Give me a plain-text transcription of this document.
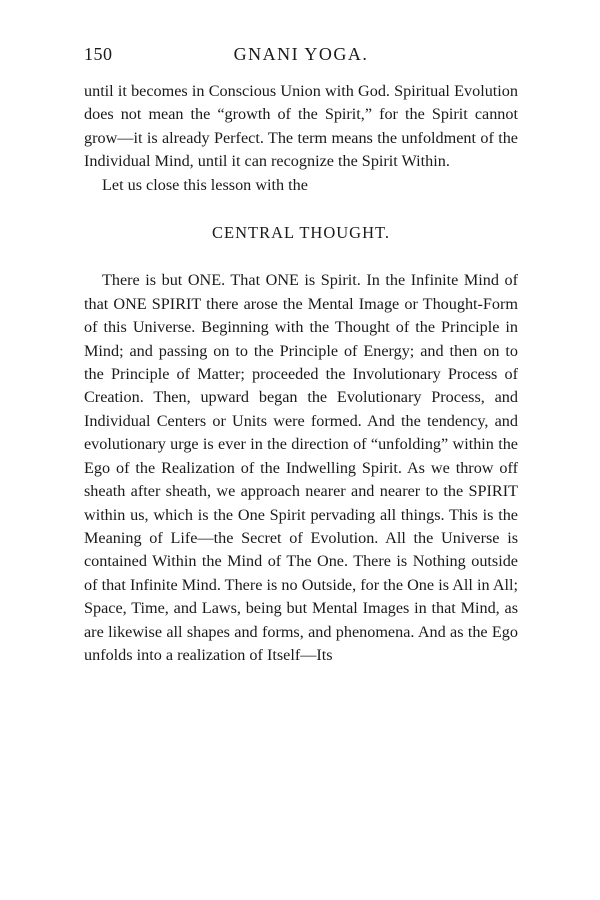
150	GNANI YOGA.

until it becomes in Conscious Union with God. Spiritual Evolution does not mean the “growth of the Spirit,” for the Spirit cannot grow—it is already Perfect. The term means the unfoldment of the Individual Mind, until it can recognize the Spirit Within.

Let us close this lesson with the

CENTRAL THOUGHT.

There is but ONE. That ONE is Spirit. In the Infinite Mind of that ONE SPIRIT there arose the Mental Image or Thought-Form of this Universe. Beginning with the Thought of the Principle in Mind; and passing on to the Principle of Energy; and then on to the Principle of Matter; proceeded the Involutionary Process of Creation. Then, upward began the Evolutionary Process, and Individual Centers or Units were formed. And the tendency, and evolutionary urge is ever in the direction of “unfolding” within the Ego of the Realization of the Indwelling Spirit. As we throw off sheath after sheath, we approach nearer and nearer to the SPIRIT within us, which is the One Spirit pervading all things. This is the Meaning of Life—the Secret of Evolution. All the Universe is contained Within the Mind of The One. There is Nothing outside of that Infinite Mind. There is no Outside, for the One is All in All; Space, Time, and Laws, being but Mental Images in that Mind, as are likewise all shapes and forms, and phenomena. And as the Ego unfolds into a realization of Itself—Its
